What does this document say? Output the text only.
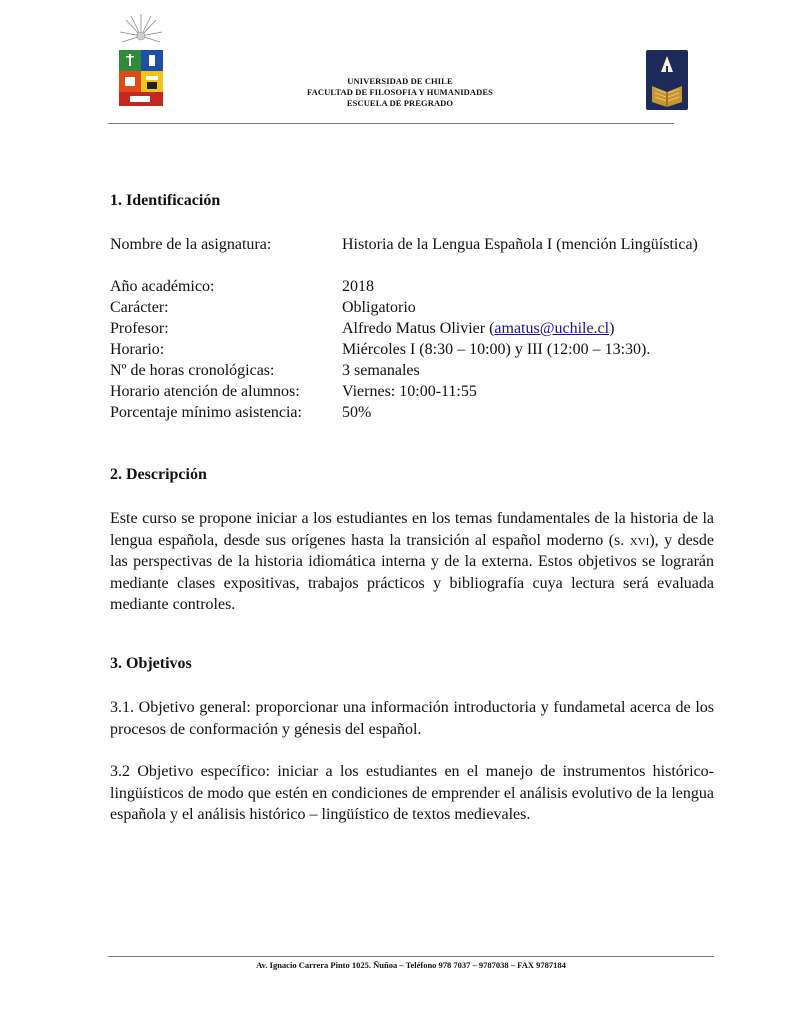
UNIVERSIDAD DE CHILE
FACULTAD DE FILOSOFIA Y HUMANIDADES
ESCUELA DE PREGRADO
1. Identificación
Nombre de la asignatura:	Historia de la Lengua Española I (mención Lingüística)
Año académico:	2018
Carácter:	Obligatorio
Profesor:	Alfredo Matus Olivier (amatus@uchile.cl)
Horario:	Miércoles I (8:30 – 10:00) y III (12:00 – 13:30).
Nº de horas cronológicas:	3 semanales
Horario atención de alumnos:	Viernes: 10:00-11:55
Porcentaje mínimo asistencia:	50%
2. Descripción
Este curso se propone iniciar a los estudiantes en los temas fundamentales de la historia de la lengua española, desde sus orígenes hasta la transición al español moderno (s. xvi), y desde las perspectivas de la historia idiomática interna y de la externa. Estos objetivos se lograrán mediante clases expositivas, trabajos prácticos y bibliografía cuya lectura será evaluada mediante controles.
3. Objetivos
3.1. Objetivo general: proporcionar una información introductoria y fundametal acerca de los procesos de conformación y génesis del español.
3.2 Objetivo específico: iniciar a los estudiantes en el manejo de instrumentos histórico-lingüísticos de modo que estén en condiciones de emprender el análisis evolutivo de la lengua española y el análisis histórico – lingüístico de textos medievales.
Av. Ignacio Carrera Pinto 1025. Ñuñoa – Teléfono 978 7037 – 9787038 – FAX 9787184
